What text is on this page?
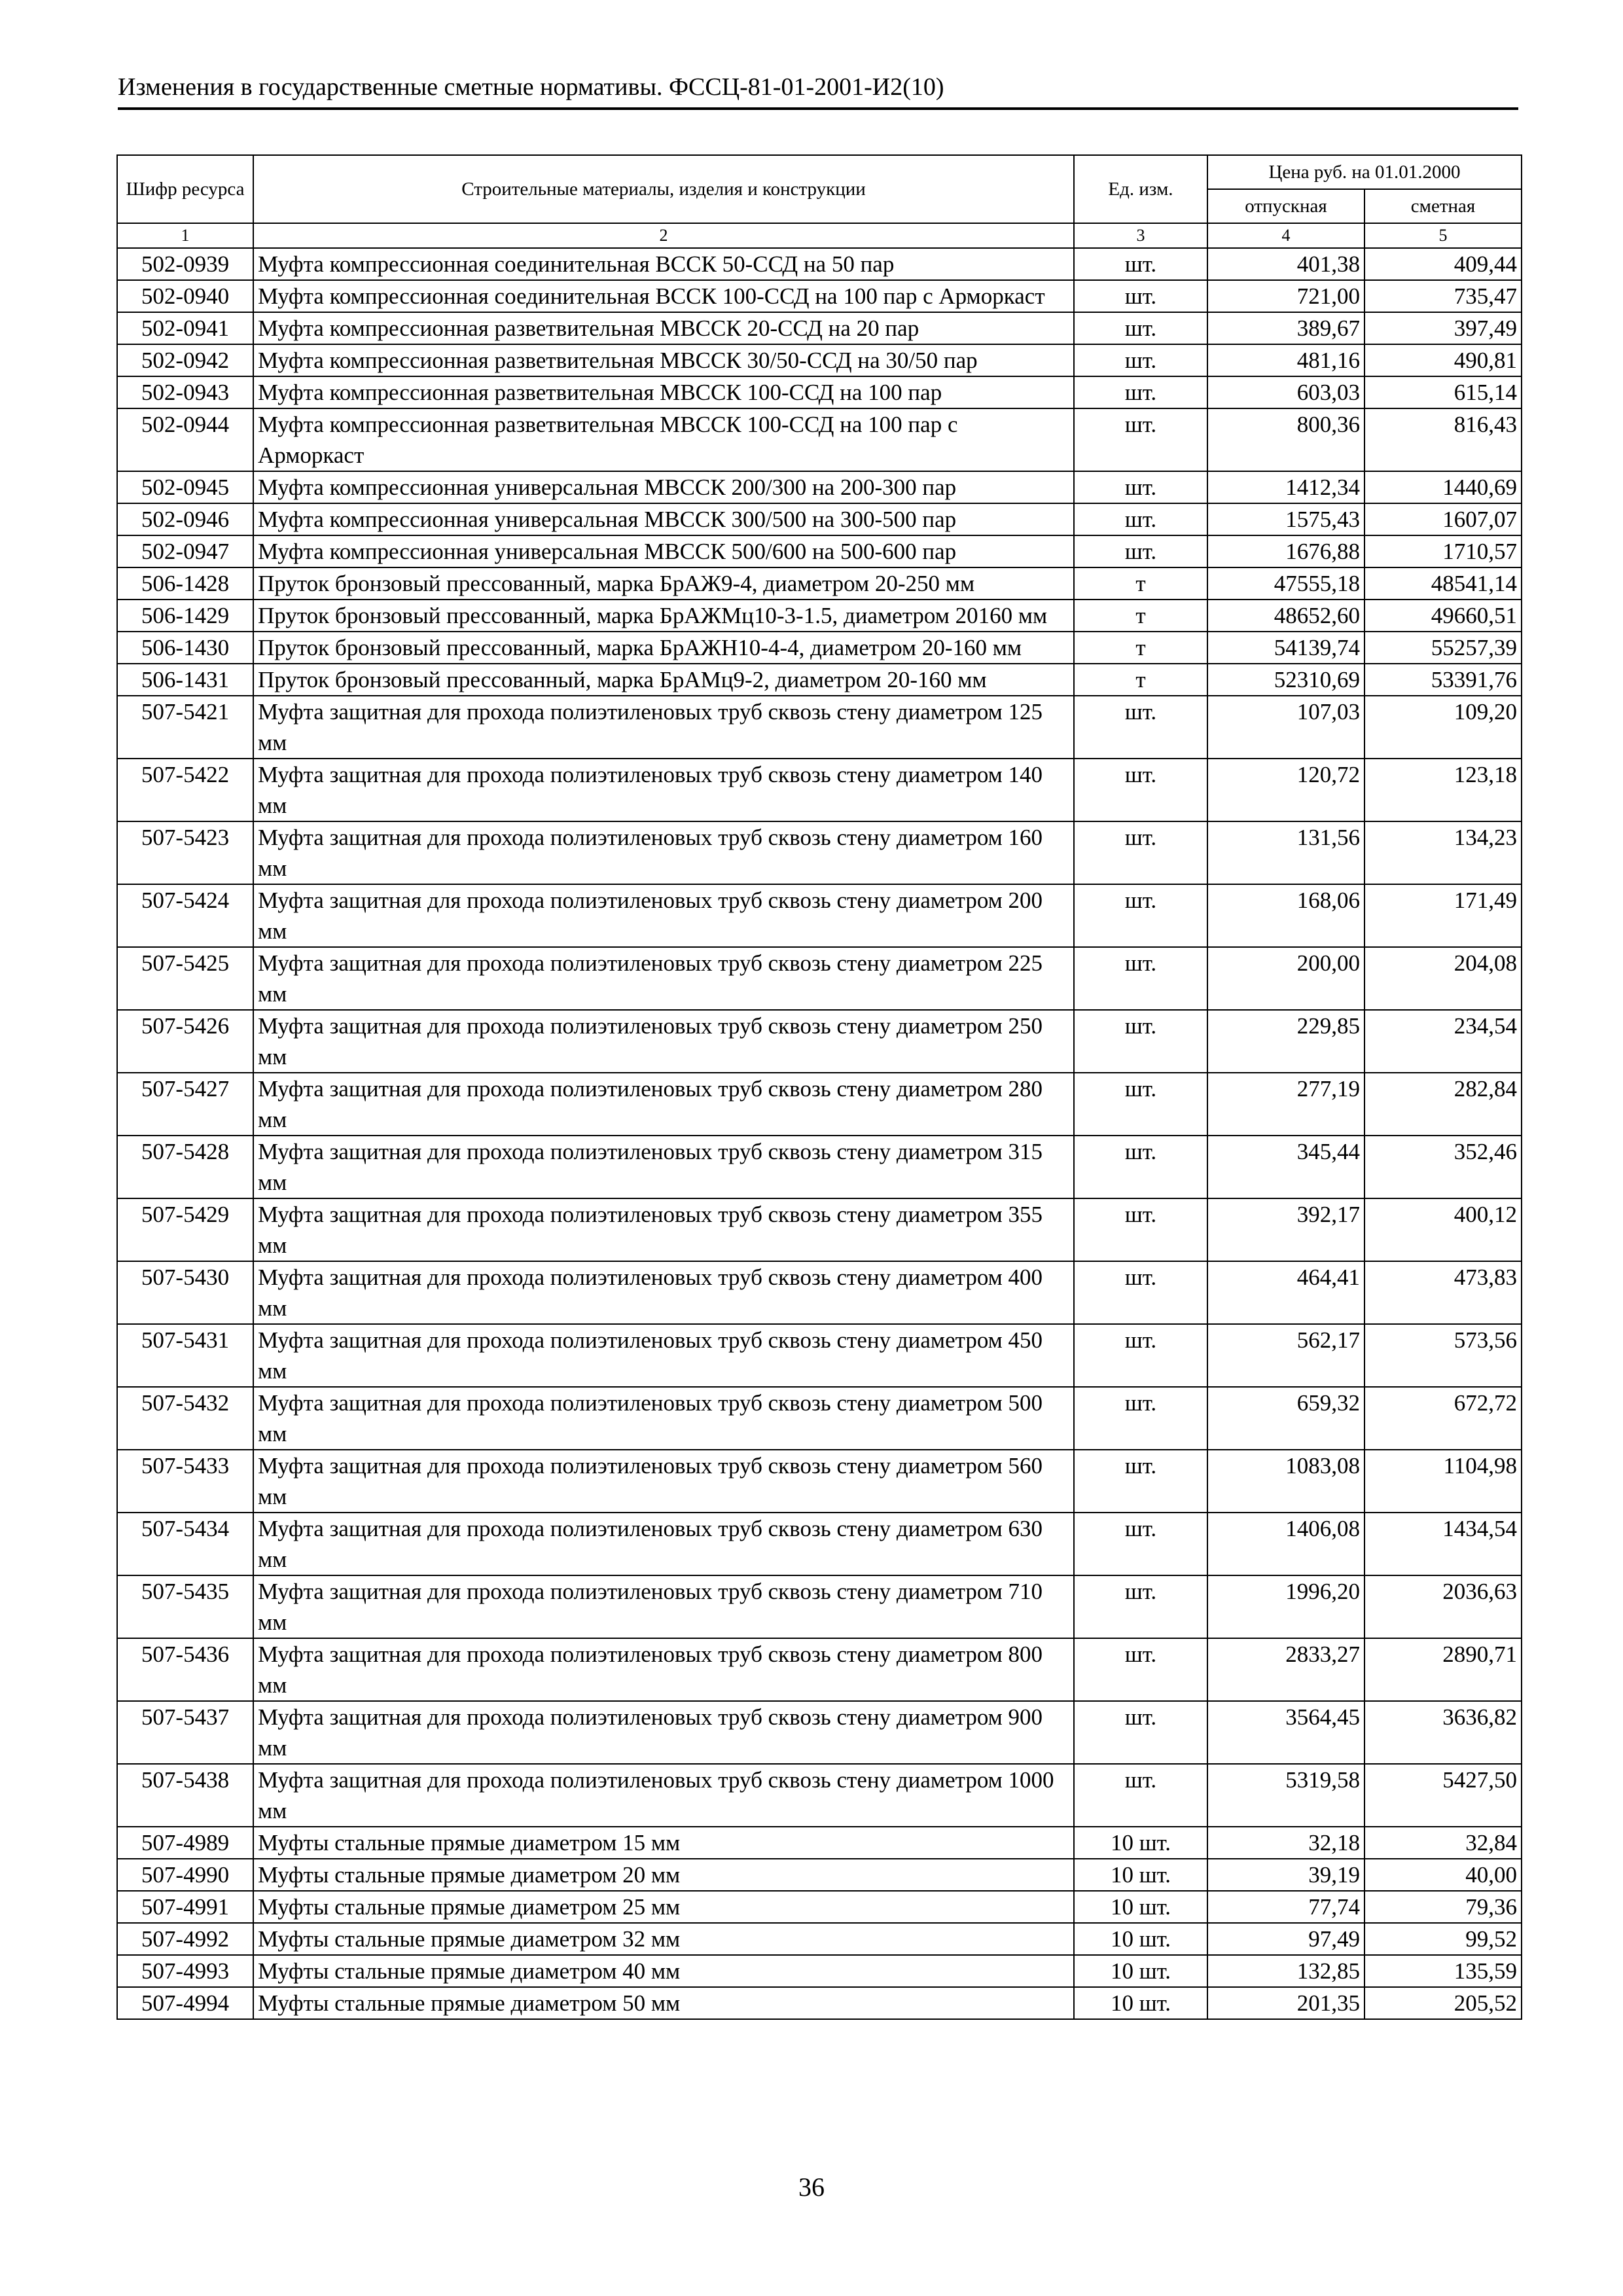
Изменения в государственные сметные нормативы. ФССЦ-81-01-2001-И2(10)
Шифр ресурса	Строительные материалы, изделия и конструкции	Ед. изм.	Цена руб. на 01.01.2000	
			отпускная	сметная
1	2	3	4	5
502-0939	Муфта компрессионная соединительная ВССК 50-ССД на 50 пар	шт.	401,38	409,44
502-0940	Муфта компрессионная соединительная ВССК 100-ССД на 100 пар с Арморкаст	шт.	721,00	735,47
502-0941	Муфта компрессионная разветвительная МВССК 20-ССД на 20 пар	шт.	389,67	397,49
502-0942	Муфта компрессионная разветвительная МВССК 30/50-ССД на 30/50 пар	шт.	481,16	490,81
502-0943	Муфта компрессионная разветвительная МВССК 100-ССД на 100 пар	шт.	603,03	615,14
502-0944	Муфта компрессионная разветвительная МВССК 100-ССД на 100 пар с Арморкаст	шт.	800,36	816,43
502-0945	Муфта компрессионная универсальная МВССК 200/300 на 200-300 пар	шт.	1412,34	1440,69
502-0946	Муфта компрессионная универсальная МВССК 300/500 на 300-500 пар	шт.	1575,43	1607,07
502-0947	Муфта компрессионная универсальная МВССК 500/600 на 500-600 пар	шт.	1676,88	1710,57
506-1428	Пруток бронзовый прессованный, марка БрАЖ9-4, диаметром 20-250 мм	т	47555,18	48541,14
506-1429	Пруток бронзовый прессованный, марка БрАЖМц10-3-1.5, диаметром 20160 мм	т	48652,60	49660,51
506-1430	Пруток бронзовый прессованный, марка БрАЖН10-4-4, диаметром 20-160 мм	т	54139,74	55257,39
506-1431	Пруток бронзовый прессованный, марка БрАМц9-2, диаметром 20-160 мм	т	52310,69	53391,76
507-5421	Муфта защитная для прохода полиэтиленовых труб сквозь стену диаметром 125 мм	шт.	107,03	109,20
507-5422	Муфта защитная для прохода полиэтиленовых труб сквозь стену диаметром 140 мм	шт.	120,72	123,18
507-5423	Муфта защитная для прохода полиэтиленовых труб сквозь стену диаметром 160 мм	шт.	131,56	134,23
507-5424	Муфта защитная для прохода полиэтиленовых труб сквозь стену диаметром 200 мм	шт.	168,06	171,49
507-5425	Муфта защитная для прохода полиэтиленовых труб сквозь стену диаметром 225 мм	шт.	200,00	204,08
507-5426	Муфта защитная для прохода полиэтиленовых труб сквозь стену диаметром 250 мм	шт.	229,85	234,54
507-5427	Муфта защитная для прохода полиэтиленовых труб сквозь стену диаметром 280 мм	шт.	277,19	282,84
507-5428	Муфта защитная для прохода полиэтиленовых труб сквозь стену диаметром 315 мм	шт.	345,44	352,46
507-5429	Муфта защитная для прохода полиэтиленовых труб сквозь стену диаметром 355 мм	шт.	392,17	400,12
507-5430	Муфта защитная для прохода полиэтиленовых труб сквозь стену диаметром 400 мм	шт.	464,41	473,83
507-5431	Муфта защитная для прохода полиэтиленовых труб сквозь стену диаметром 450 мм	шт.	562,17	573,56
507-5432	Муфта защитная для прохода полиэтиленовых труб сквозь стену диаметром 500 мм	шт.	659,32	672,72
507-5433	Муфта защитная для прохода полиэтиленовых труб сквозь стену диаметром 560 мм	шт.	1083,08	1104,98
507-5434	Муфта защитная для прохода полиэтиленовых труб сквозь стену диаметром 630 мм	шт.	1406,08	1434,54
507-5435	Муфта защитная для прохода полиэтиленовых труб сквозь стену диаметром 710 мм	шт.	1996,20	2036,63
507-5436	Муфта защитная для прохода полиэтиленовых труб сквозь стену диаметром 800 мм	шт.	2833,27	2890,71
507-5437	Муфта защитная для прохода полиэтиленовых труб сквозь стену диаметром 900 мм	шт.	3564,45	3636,82
507-5438	Муфта защитная для прохода полиэтиленовых труб сквозь стену диаметром 1000 мм	шт.	5319,58	5427,50
507-4989	Муфты стальные прямые диаметром 15 мм	10 шт.	32,18	32,84
507-4990	Муфты стальные прямые диаметром 20 мм	10 шт.	39,19	40,00
507-4991	Муфты стальные прямые диаметром 25 мм	10 шт.	77,74	79,36
507-4992	Муфты стальные прямые диаметром 32 мм	10 шт.	97,49	99,52
507-4993	Муфты стальные прямые диаметром 40 мм	10 шт.	132,85	135,59
507-4994	Муфты стальные прямые диаметром 50 мм	10 шт.	201,35	205,52
36
